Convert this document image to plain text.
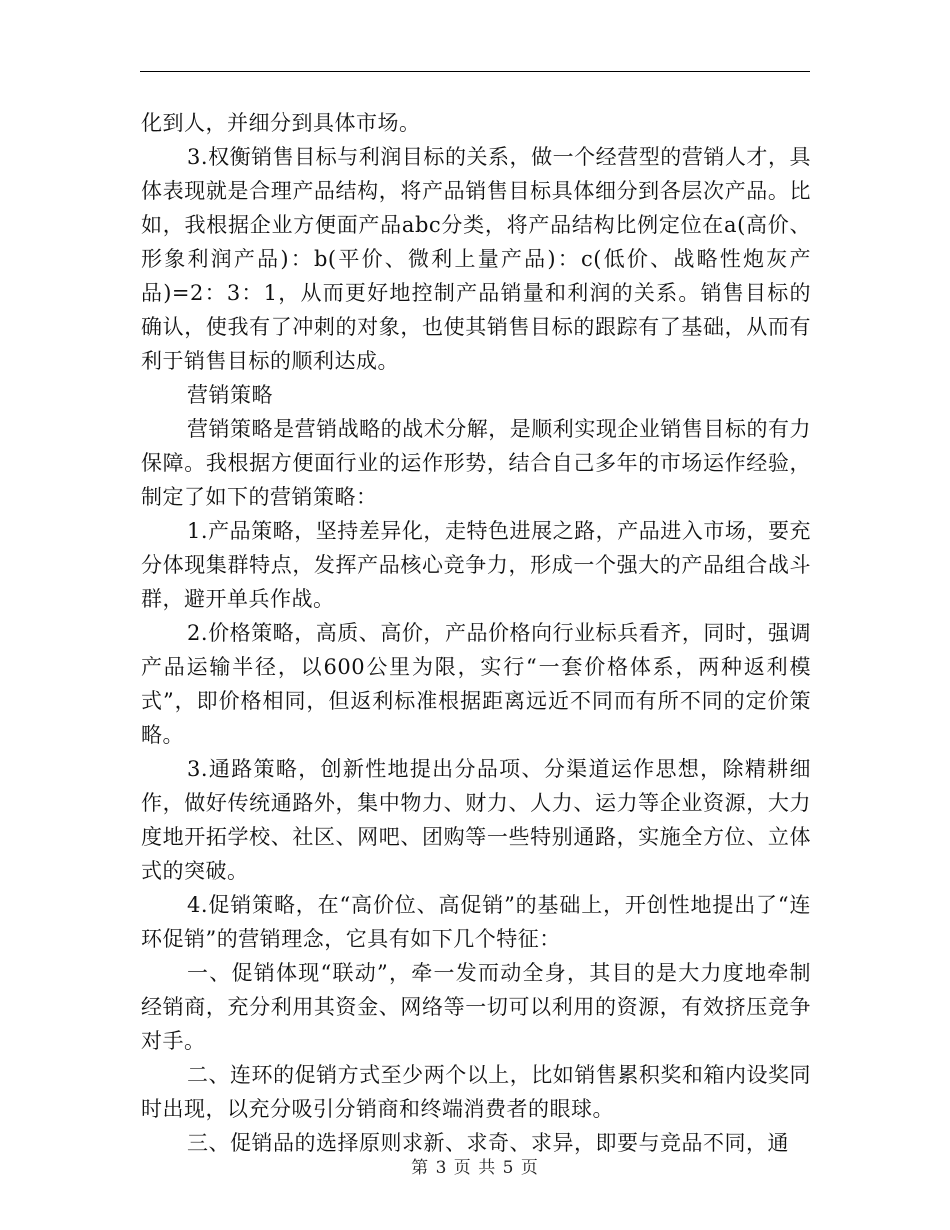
化到人，并细分到具体市场。

3.权衡销售目标与利润目标的关系，做一个经营型的营销人才，具体表现就是合理产品结构，将产品销售目标具体细分到各层次产品。比如，我根据企业方便面产品abc分类，将产品结构比例定位在a(高价、形象利润产品)：b(平价、微利上量产品)：c(低价、战略性炮灰产品)=2：3：1，从而更好地控制产品销量和利润的关系。销售目标的确认，使我有了冲刺的对象，也使其销售目标的跟踪有了基础，从而有利于销售目标的顺利达成。

营销策略

营销策略是营销战略的战术分解，是顺利实现企业销售目标的有力保障。我根据方便面行业的运作形势，结合自己多年的市场运作经验，制定了如下的营销策略：

1.产品策略，坚持差异化，走特色进展之路，产品进入市场，要充分体现集群特点，发挥产品核心竞争力，形成一个强大的产品组合战斗群，避开单兵作战。

2.价格策略，高质、高价，产品价格向行业标兵看齐，同时，强调产品运输半径，以600公里为限，实行“一套价格体系，两种返利模式”，即价格相同，但返利标准根据距离远近不同而有所不同的定价策略。

3.通路策略，创新性地提出分品项、分渠道运作思想，除精耕细作，做好传统通路外，集中物力、财力、人力、运力等企业资源，大力度地开拓学校、社区、网吧、团购等一些特别通路，实施全方位、立体式的突破。

4.促销策略，在“高价位、高促销”的基础上，开创性地提出了“连环促销”的营销理念，它具有如下几个特征：

一、促销体现“联动”，牵一发而动全身，其目的是大力度地牵制经销商，充分利用其资金、网络等一切可以利用的资源，有效挤压竞争对手。

二、连环的促销方式至少两个以上，比如销售累积奖和箱内设奖同时出现，以充分吸引分销商和终端消费者的眼球。

三、促销品的选择原则求新、求奇、求异，即要与竞品不同，通

第 3 页 共 5 页
